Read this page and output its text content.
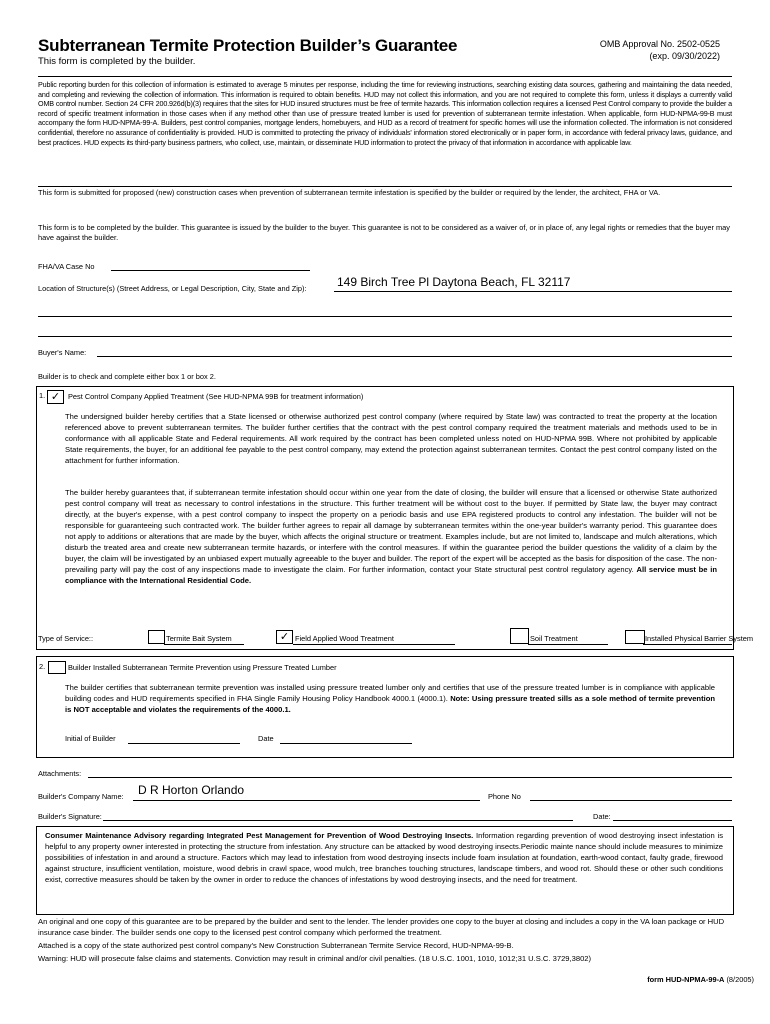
Subterranean Termite Protection Builder’s Guarantee
This form is completed by the builder.
OMB Approval No. 2502-0525
(exp. 09/30/2022)
Public reporting burden for this collection of information is estimated to average 5 minutes per response, including the time for reviewing instructions, searching existing data sources, gathering and maintaining the data needed, and completing and reviewing the collection of information. This information is required to obtain benefits. HUD may not collect this information, and you are not required to complete this form, unless it displays a currently valid OMB control number. Section 24 CFR 200.926d(b)(3) requires that the sites for HUD insured structures must be free of termite hazards. This information collection requires a licensed Pest Control company to provide the builder a record of specific treatment information in those cases when if any method other than use of pressure treated lumber is used for prevention of subterranean termite infestation. When applicable, form HUD-NPMA-99-B must accompany the form HUD-NPMA-99-A. Builders, pest control companies, mortgage lenders, homebuyers, and HUD as a record of treatment for specific homes will use the information collected. The information is not considered confidential, therefore no assurance of confidentiality is provided. HUD is committed to protecting the privacy of individuals' information stored electronically or in paper form, in accordance with federal privacy laws, guidance, and best practices. HUD expects its third-party business partners, who collect, use, maintain, or disseminate HUD information to protect the privacy of that information in accordance with applicable law.
This form is submitted for proposed (new) construction cases when prevention of subterranean termite infestation is specified by the builder or required by the lender, the architect, FHA or VA.
This form is to be completed by the builder. This guarantee is issued by the builder to the buyer. This guarantee is not to be considered as a waiver of, or in place of, any legal rights or remedies that the buyer may have against the builder.
FHA/VA Case No
Location of Structure(s) (Street Address, or Legal Description, City, State and Zip):	149 Birch Tree Pl Daytona Beach, FL 32117
Buyer's Name:
Builder is to check and complete either box 1 or box 2.
1. ✓	Pest Control Company Applied Treatment (See HUD-NPMA 99B for treatment information)
The undersigned builder hereby certifies that a State licensed or otherwise authorized pest control company (where required by State law) was contracted to treat the property at the location referenced above to prevent subterranean termites. The builder further certifies that the contract with the pest control company required the treatment materials and methods used to be in conformance with all applicable State and Federal requirements. All work required by the contract has been completed unless noted on HUD-NPMA 99B. Where not prohibited by applicable State requirements, the buyer, for an additional fee payable to the pest control company, may extend the protection against subterranean termites. Contact the pest control company listed on the attachment for further information.
The builder hereby guarantees that, if subterranean termite infestation should occur within one year from the date of closing, the builder will ensure that a licensed or otherwise State authorized pest control company will treat as necessary to control infestations in the structure. This further treatment will be without cost to the buyer. If permitted by State law, the buyer may contract directly, at the buyer's expense, with a pest control company to inspect the property on a periodic basis and use EPA registered products to control any infestation. The builder will not be responsible for guaranteeing such contracted work. The builder further agrees to repair all damage by subterranean termites within the one-year builder's warranty period. This guarantee does not apply to additions or alterations that are made by the buyer, which affects the original structure or treatment. Examples include, but are not limited to, landscape and mulch alterations, which disturb the treated area and create new subterranean termite hazards, or interfere with the control measures. If within the guarantee period the builder questions the validity of a claim by the buyer, the claim will be investigated by an unbiased expert mutually agreeable to the buyer and builder. The report of the expert will be accepted as the basis for disposition of the case. The non-prevailing party will pay the cost of any inspections made to investigate the claim. For further information, contact your State structural pest control regulatory agency. All service must be in compliance with the International Residential Code.
Type of Service::	Termite Bait System	✓ Field Applied Wood Treatment	Soil Treatment	Installed Physical Barrier System
2.	Builder Installed Subterranean Termite Prevention using Pressure Treated Lumber
The builder certifies that subterranean termite prevention was installed using pressure treated lumber only and certifies that use of the pressure treated lumber is in compliance with applicable building codes and HUD requirements specified in FHA Single Family Housing Policy Handbook 4000.1 (4000.1). Note: Using pressure treated sills as a sole method of termite prevention is NOT acceptable and violates the requirements of the 4000.1.
Initial of Builder	Date
Attachments:
Builder's Company Name: D R Horton Orlando	Phone No
Builder's Signature:	Date:
Consumer Maintenance Advisory regarding Integrated Pest Management for Prevention of Wood Destroying Insects. Information regarding prevention of wood destroying insect infestation is helpful to any property owner interested in protecting the structure from infestation. Any structure can be attacked by wood destroying insects.Periodic mainte nance should include measures to minimize possibilities of infestation in and around a structure. Factors which may lead to infestation from wood destroying insects include foam insulation at foundation, earth-wood contact, faulty grade, firewood against structure, insufficient ventilation, moisture, wood debris in crawl space, wood mulch, tree branches touching structures, landscape timbers, and wood rot. Should these or other such conditions exist, corrective measures should be taken by the owner in order to reduce the chances of infestations by wood destroying insects, and the need for treatment.
An original and one copy of this guarantee are to be prepared by the builder and sent to the lender. The lender provides one copy to the buyer at closing and includes a copy in the VA loan package or HUD insurance case binder. The builder sends one copy to the licensed pest control company which performed the treatment.
Attached is a copy of the state authorized pest control company's New Construction Subterranean Termite Service Record, HUD-NPMA-99-B.
Warning: HUD will prosecute false claims and statements. Conviction may result in criminal and/or civil penalties. (18 U.S.C. 1001, 1010, 1012;31 U.S.C. 3729,3802)
form HUD-NPMA-99-A (8/2005)
